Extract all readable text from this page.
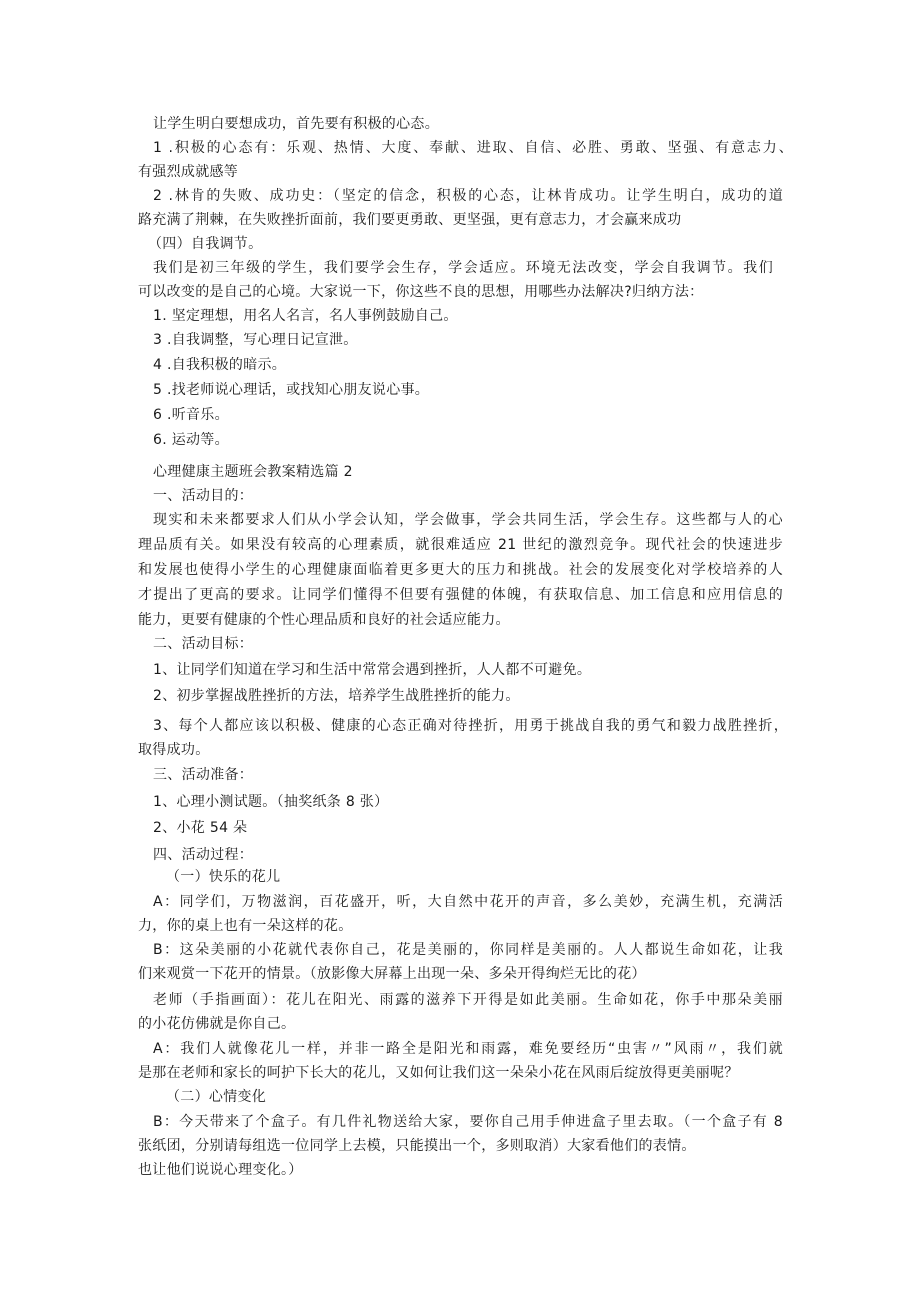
让学生明白要想成功，首先要有积极的心态。
1 .积极的心态有：乐观、热情、大度、奉献、进取、自信、必胜、勇敢、坚强、有意志力、
有强烈成就感等
2 .林肯的失败、成功史：（坚定的信念，积极的心态，让林肯成功。让学生明白，成功的道
路充满了荆棘，在失败挫折面前，我们要更勇敢、更坚强，更有意志力，才会赢来成功
（四）自我调节。
我们是初三年级的学生，我们要学会生存，学会适应。环境无法改变，学会自我调节。我们
可以改变的是自己的心境。大家说一下，你这些不良的思想，用哪些办法解决?归纳方法：
1. 坚定理想，用名人名言，名人事例鼓励自己。
3 .自我调整，写心理日记宣泄。
4 .自我积极的暗示。
5 .找老师说心理话，或找知心朋友说心事。
6 .听音乐。
6. 运动等。
心理健康主题班会教案精选篇 2
一、活动目的：
现实和未来都要求人们从小学会认知，学会做事，学会共同生活，学会生存。这些都与人的心
理品质有关。如果没有较高的心理素质，就很难适应 21 世纪的激烈竞争。现代社会的快速进步
和发展也使得小学生的心理健康面临着更多更大的压力和挑战。社会的发展变化对学校培养的人
才提出了更高的要求。让同学们懂得不但要有强健的体魄，有获取信息、加工信息和应用信息的
能力，更要有健康的个性心理品质和良好的社会适应能力。
二、活动目标：
1、让同学们知道在学习和生活中常常会遇到挫折，人人都不可避免。
2、初步掌握战胜挫折的方法，培养学生战胜挫折的能力。
3、每个人都应该以积极、健康的心态正确对待挫折，用勇于挑战自我的勇气和毅力战胜挫折，
取得成功。
三、活动准备：
1、心理小测试题。（抽奖纸条 8 张）
2、小花 54 朵
四、活动过程：
（一）快乐的花儿
A：同学们，万物滋润，百花盛开，听，大自然中花开的声音，多么美妙，充满生机，充满活
力，你的桌上也有一朵这样的花。
B：这朵美丽的小花就代表你自己，花是美丽的，你同样是美丽的。人人都说生命如花，让我
们来观赏一下花开的情景。（放影像大屏幕上出现一朵、多朵开得绚烂无比的花）
老师（手指画面）：花儿在阳光、雨露的滋养下开得是如此美丽。生命如花，你手中那朵美丽
的小花仿佛就是你自己。
A：我们人就像花儿一样，并非一路全是阳光和雨露，难免要经历“虫害〃”风雨〃，我们就
是那在老师和家长的呵护下长大的花儿，又如何让我们这一朵朵小花在风雨后绽放得更美丽呢？
（二）心情变化
B：今天带来了个盒子。有几件礼物送给大家，要你自己用手伸进盒子里去取。（一个盒子有 8
张纸团，分别请每组选一位同学上去模，只能摸出一个，多则取消）大家看他们的表情。
也让他们说说心理变化。）
